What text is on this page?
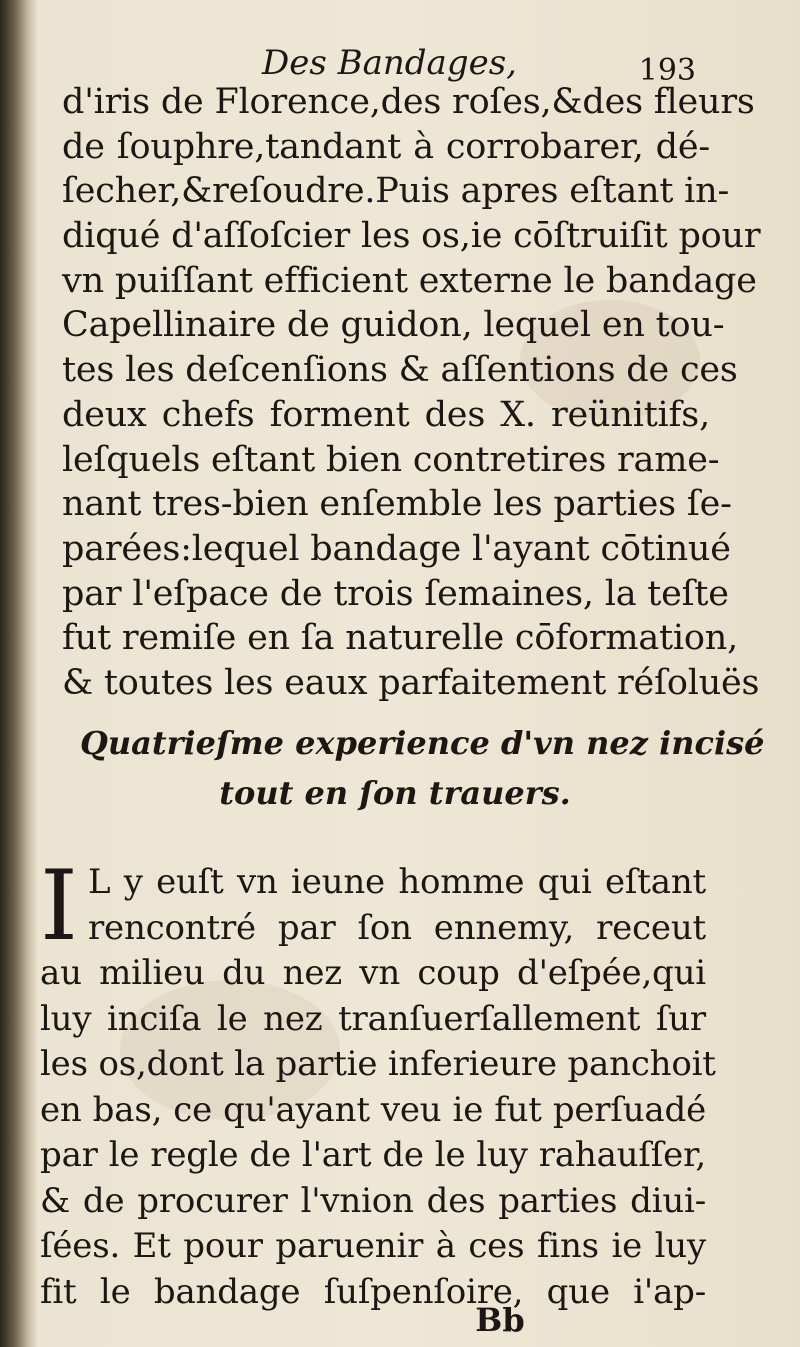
Des Bandages,	193
d'iris de Florence,des roſes,&des fleurs
de ſouphre,tandant à corrobarer, dé-
ſecher,&reſoudre.Puis apres eſtant in-
diqué d'aſſoſcier les os,ie cōſtruiſit pour
vn puiſſant efficient externe le bandage
Capellinaire de guidon, lequel en tou-
tes les deſcenſions & aſſentions de ces
deux chefs forment des X. reünitifs,
leſquels eſtant bien contretires rame-
nant tres-bien enſemble les parties ſe-
parées:lequel bandage l'ayant cōtinué
par l'eſpace de trois ſemaines, la teſte
fut remiſe en ſa naturelle cōformation,
& toutes les eaux parfaitement réſoluës
Quatrieſme experience d'vn nez incisé
tout en ſon trauers.
I L y euſt vn ieune homme qui eſtant
rencontré par ſon ennemy, receut
au milieu du nez vn coup d'eſpée,qui
luy inciſa le nez tranſuerſallement ſur
les os,dont la partie inferieure panchoit
en bas, ce qu'ayant veu ie fut perſuadé
par le regle de l'art de le luy rahauſſer,
& de procurer l'vnion des parties diui-
ſées. Et pour paruenir à ces fins ie luy
fit le bandage ſuſpenſoire, que i'ap-
Bb
